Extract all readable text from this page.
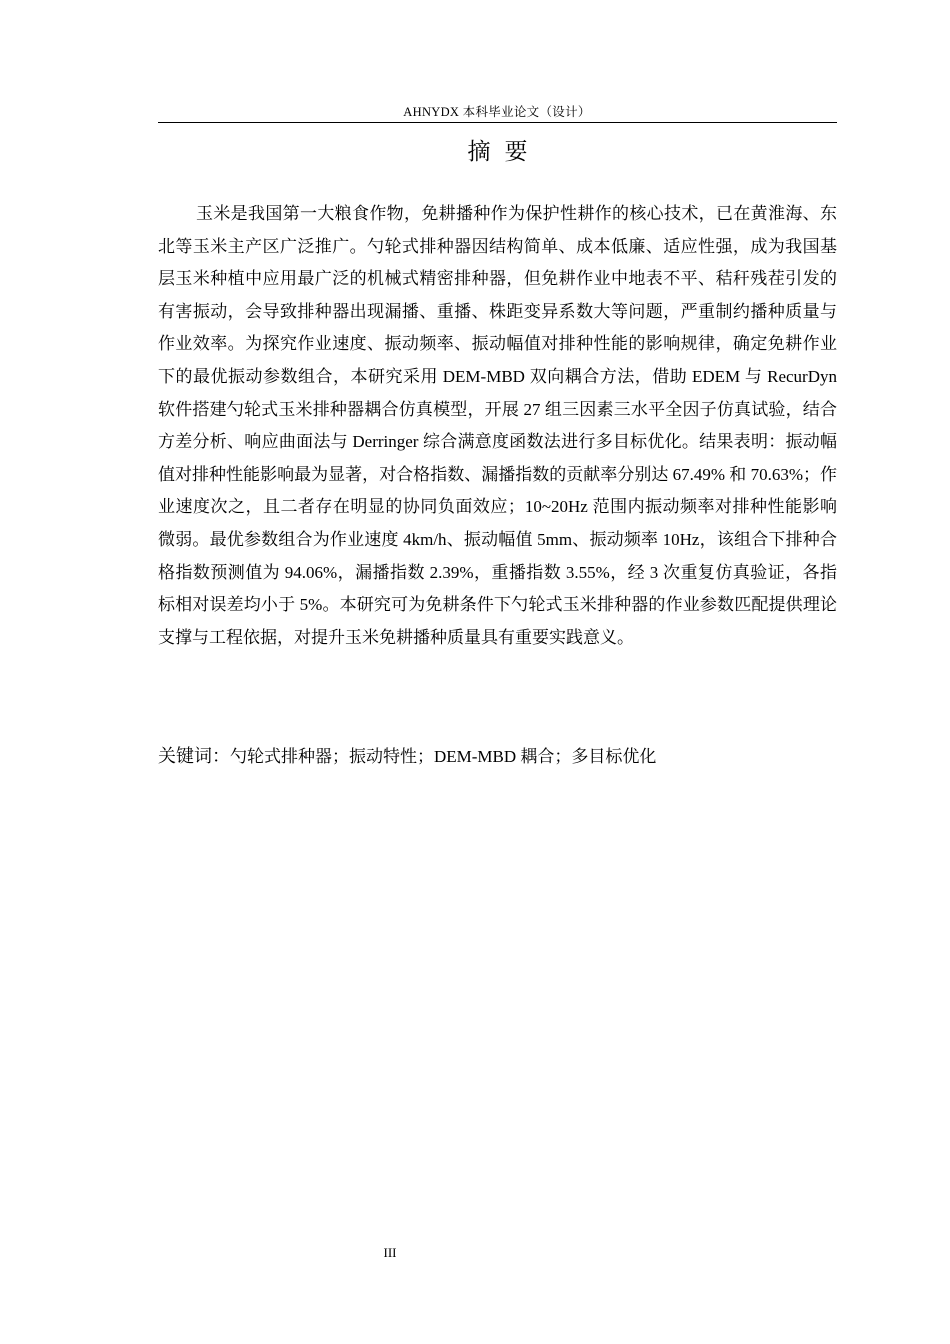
AHNYDX 本科毕业论文（设计）
摘要

玉米是我国第一大粮食作物，免耕播种作为保护性耕作的核心技术，已在黄淮海、东北等玉米主产区广泛推广。勺轮式排种器因结构简单、成本低廉、适应性强，成为我国基层玉米种植中应用最广泛的机械式精密排种器，但免耕作业中地表不平、秸秆残茬引发的有害振动，会导致排种器出现漏播、重播、株距变异系数大等问题，严重制约播种质量与作业效率。为探究作业速度、振动频率、振动幅值对排种性能的影响规律，确定免耕作业下的最优振动参数组合，本研究采用 DEM-MBD 双向耦合方法，借助 EDEM 与 RecurDyn 软件搭建勺轮式玉米排种器耦合仿真模型，开展 27 组三因素三水平全因子仿真试验，结合方差分析、响应曲面法与 Derringer 综合满意度函数法进行多目标优化。结果表明：振动幅值对排种性能影响最为显著，对合格指数、漏播指数的贡献率分别达 67.49% 和 70.63%；作业速度次之，且二者存在明显的协同负面效应；10~20Hz 范围内振动频率对排种性能影响微弱。最优参数组合为作业速度 4km/h、振动幅值 5mm、振动频率 10Hz，该组合下排种合格指数预测值为 94.06%，漏播指数 2.39%，重播指数 3.55%，经 3 次重复仿真验证，各指标相对误差均小于 5%。本研究可为免耕条件下勺轮式玉米排种器的作业参数匹配提供理论支撑与工程依据，对提升玉米免耕播种质量具有重要实践意义。

关键词：勺轮式排种器；振动特性；DEM-MBD 耦合；多目标优化

III
